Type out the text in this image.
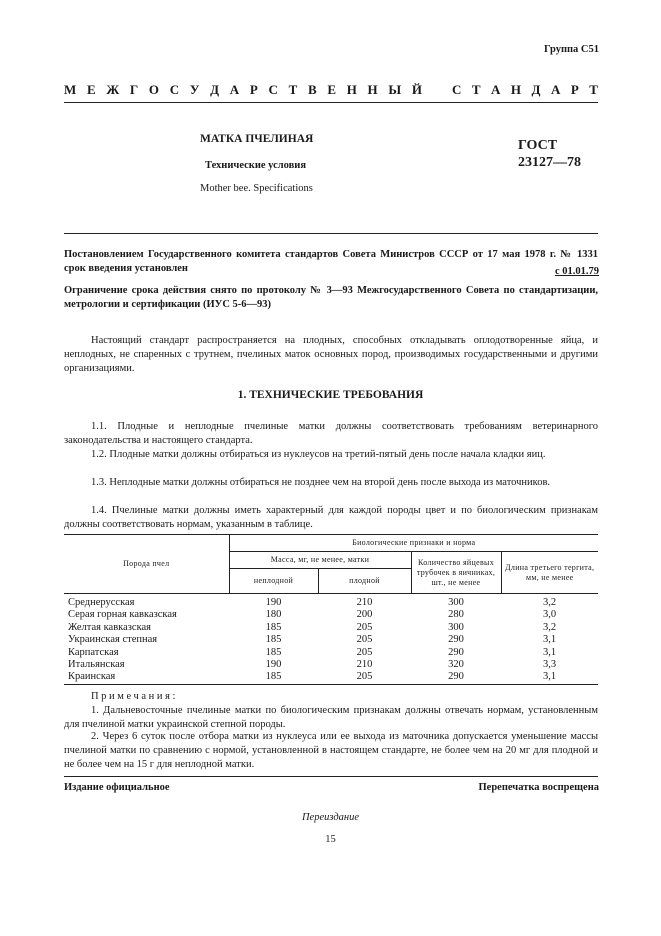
Группа С51
М Е Ж Г О С У Д А Р С Т В Е Н Н Ы Й С Т А Н Д А Р Т
МАТКА ПЧЕЛИНАЯ
Технические условия
Mother bee. Specifications
ГОСТ
23127—78
Постановлением Государственного комитета стандартов Совета Министров СССР от 17 мая 1978 г. № 1331 срок введения установлен	с 01.01.79
Ограничение срока действия снято по протоколу № 3—93 Межгосударственного Совета по стандартизации, метрологии и сертификации (ИУС 5-6—93)
Настоящий стандарт распространяется на плодных, способных откладывать оплодотворенные яйца, и неплодных, не спаренных с трутнем, пчелиных маток основных пород, производимых государственными и другими организациями.
1. ТЕХНИЧЕСКИЕ ТРЕБОВАНИЯ
1.1. Плодные и неплодные пчелиные матки должны соответствовать требованиям ветеринарного законодательства и настоящего стандарта.
1.2. Плодные матки должны отбираться из нуклеусов на третий-пятый день после начала кладки яиц.
1.3. Неплодные матки должны отбираться не позднее чем на второй день после выхода из маточников.
1.4. Пчелиные матки должны иметь характерный для каждой породы цвет и по биологическим признакам должны соответствовать нормам, указанным в таблице.
Порода пчел	Биологические признаки и норма			
	Масса, мг, не менее, матки		Количество яйцевых трубочек в яичниках, шт., не менее	Длина третьего тергита, мм, не менее
	неплодной	плодной		
Среднерусская	190	210	300	3,2
Серая горная кавказская	180	200	280	3,0
Желтая кавказская	185	205	300	3,2
Украинская степная	185	205	290	3,1
Карпатская	185	205	290	3,1
Итальянская	190	210	320	3,3
Краинская	185	205	290	3,1
Примечания:
1. Дальневосточные пчелиные матки по биологическим признакам должны отвечать нормам, установленным для пчелиной матки украинской степной породы.
2. Через 6 суток после отбора матки из нуклеуса или ее выхода из маточника допускается уменьшение массы пчелиной матки по сравнению с нормой, установленной в настоящем стандарте, не более чем на 20 мг для плодной и не более чем на 15 г для неплодной матки.
Издание официальное	Перепечатка воспрещена
Переиздание
15
